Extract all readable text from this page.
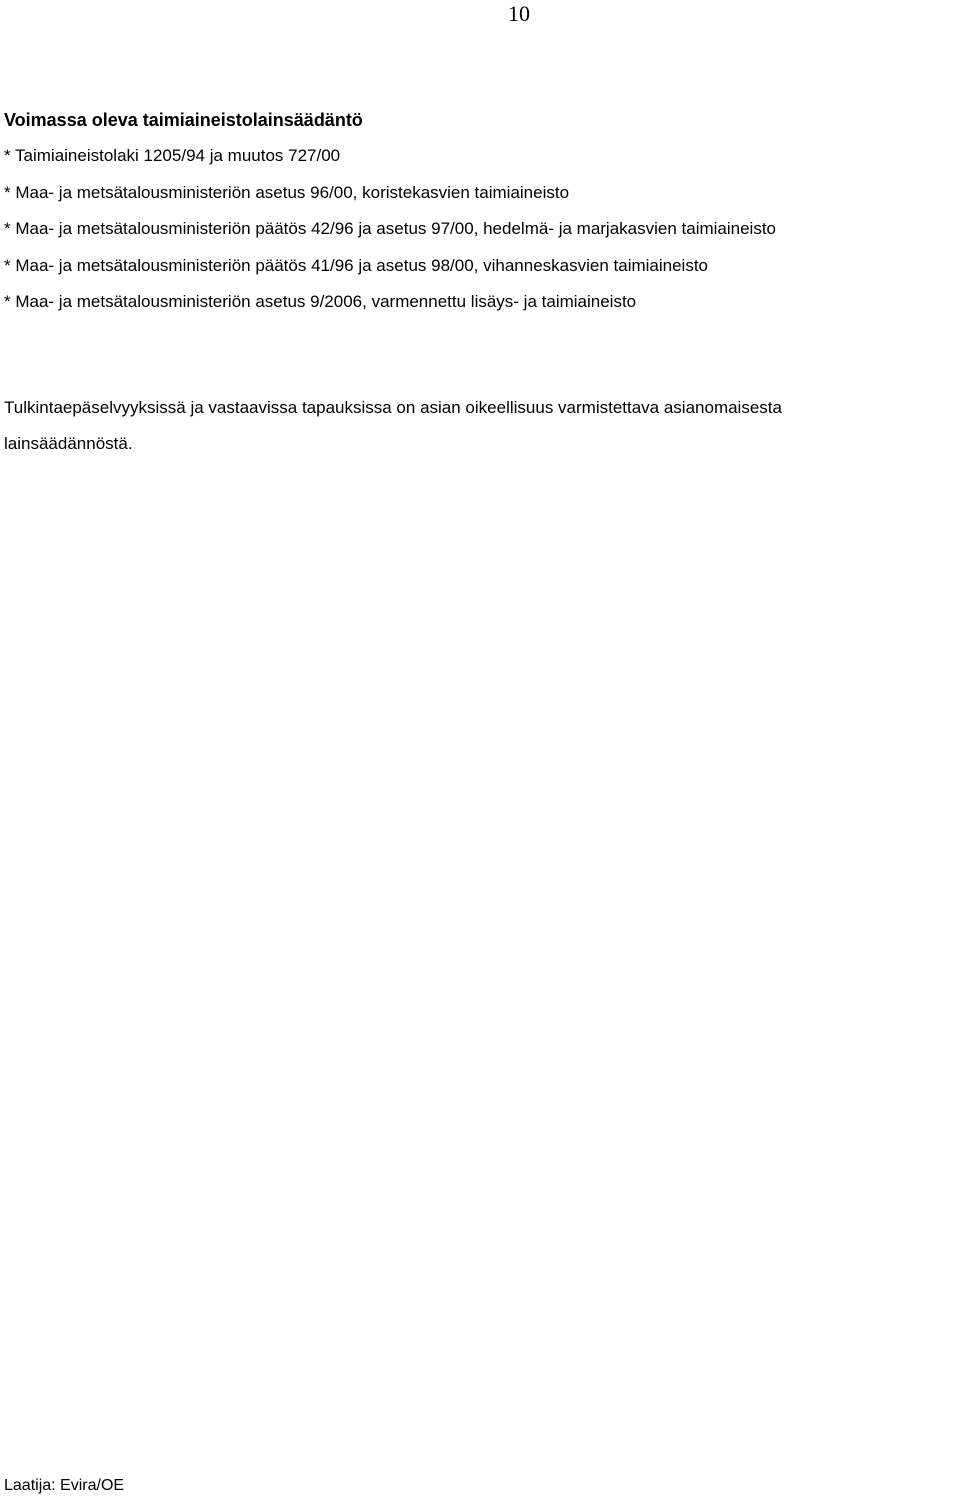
10
Voimassa oleva taimiaineistolainsäädäntö
* Taimiaineistolaki 1205/94 ja muutos 727/00
* Maa- ja metsätalousministeriön asetus 96/00, koristekasvien taimiaineisto
* Maa- ja metsätalousministeriön päätös 42/96 ja asetus 97/00, hedelmä- ja marjakasvien taimiaineisto
* Maa- ja metsätalousministeriön päätös 41/96 ja asetus 98/00, vihanneskasvien taimiaineisto
* Maa- ja metsätalousministeriön asetus 9/2006, varmennettu lisäys- ja taimiaineisto

Tulkintaepäselvyyksissä ja vastaavissa tapauksissa on asian oikeellisuus varmistettava asianomaisesta
lainsäädännöstä.

Laatija: Evira/OE
